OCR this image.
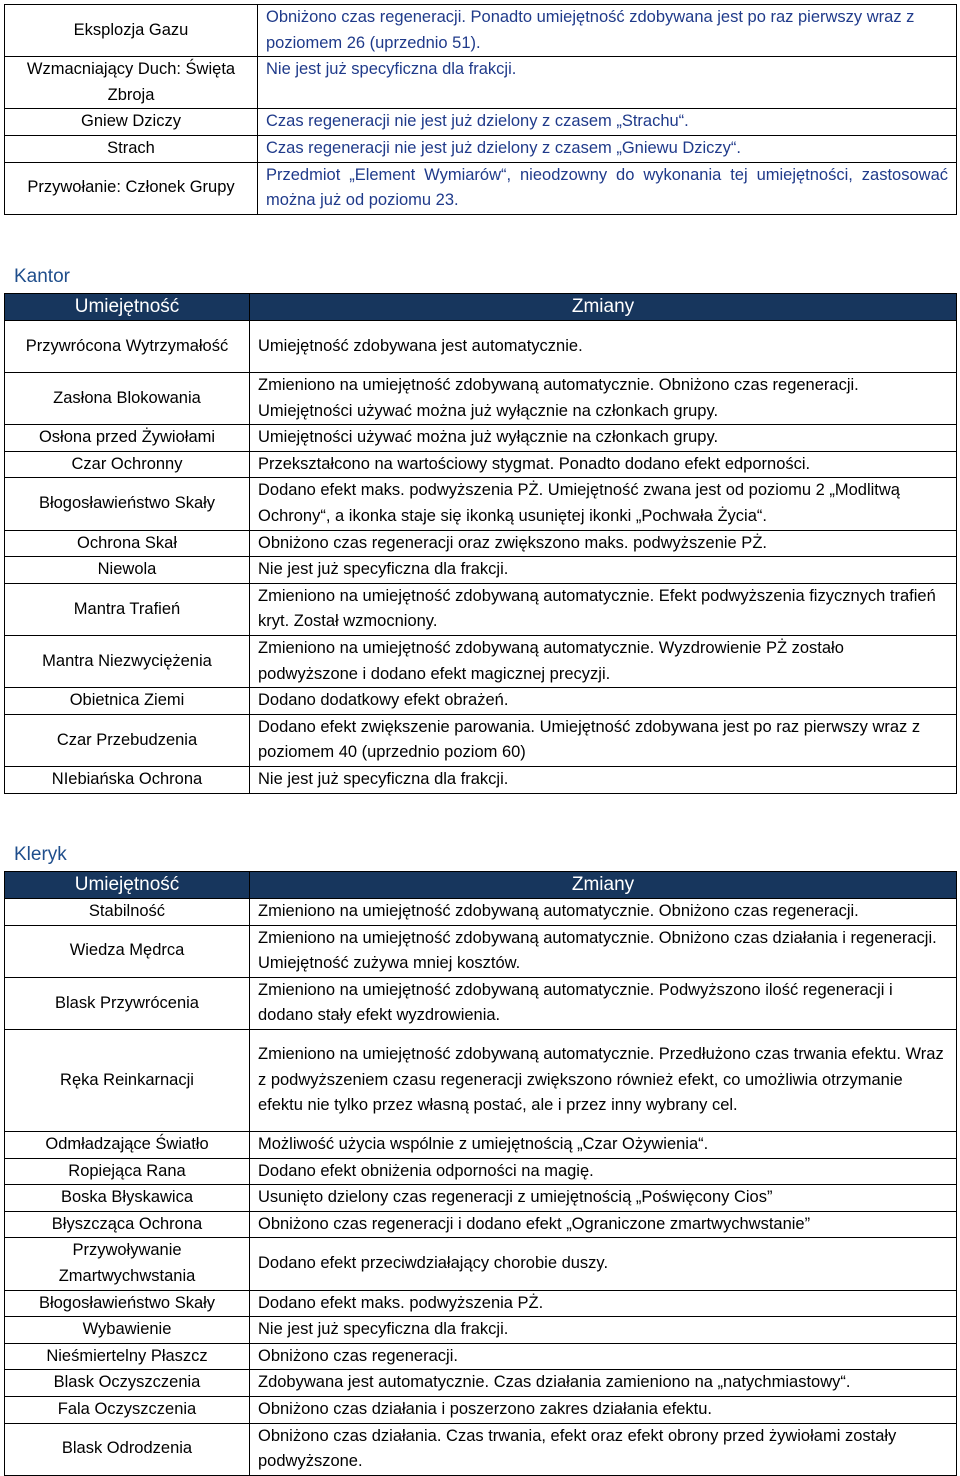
Eksplozja Gazu	Obniżono czas regeneracji. Ponadto umiejętność zdobywana jest po raz pierwszy wraz z poziomem 26 (uprzednio 51).
Wzmacniający Duch: Święta Zbroja	Nie jest już specyficzna dla frakcji.
Gniew Dziczy	Czas regeneracji nie jest już dzielony z czasem „Strachu“.
Strach	Czas regeneracji nie jest już dzielony z czasem „Gniewu Dziczy“.
Przywołanie: Członek Grupy	Przedmiot „Element Wymiarów“, nieodzowny do wykonania tej umiejętności, zastosować można już od poziomu 23.
Kantor
Umiejętność	Zmiany
Przywrócona Wytrzymałość	Umiejętność zdobywana jest automatycznie.
Zasłona Blokowania	Zmieniono na umiejętność zdobywaną automatycznie. Obniżono czas regeneracji. Umiejętności używać można już wyłącznie na członkach grupy.
Osłona przed Żywiołami	Umiejętności używać można już wyłącznie na członkach grupy.
Czar Ochronny	Przekształcono na wartościowy stygmat. Ponadto dodano efekt edporności.
Błogosławieństwo Skały	Dodano efekt maks. podwyższenia PŻ. Umiejętność zwana jest od poziomu 2 „Modlitwą Ochrony“, a ikonka staje się ikonką usuniętej ikonki „Pochwała Życia“.
Ochrona Skał	Obniżono czas regeneracji oraz zwiększono maks. podwyższenie PŻ.
Niewola	Nie jest już specyficzna dla frakcji.
Mantra Trafień	Zmieniono na umiejętność zdobywaną automatycznie. Efekt podwyższenia fizycznych trafień kryt. Został wzmocniony.
Mantra Niezwyciężenia	Zmieniono na umiejętność zdobywaną automatycznie. Wyzdrowienie PŻ zostało podwyższone i dodano efekt magicznej precyzji.
Obietnica Ziemi	Dodano dodatkowy efekt obrażeń.
Czar Przebudzenia	Dodano efekt zwiększenie parowania. Umiejętność zdobywana jest po raz pierwszy wraz z poziomem 40 (uprzednio poziom 60)
NIebiańska Ochrona	Nie jest już specyficzna dla frakcji.
Kleryk
Umiejętność	Zmiany
Stabilność	Zmieniono na umiejętność zdobywaną automatycznie. Obniżono czas regeneracji.
Wiedza Mędrca	Zmieniono na umiejętność zdobywaną automatycznie. Obniżono czas działania i regeneracji. Umiejętność zużywa mniej kosztów.
Blask Przywrócenia	Zmieniono na umiejętność zdobywaną automatycznie. Podwyższono ilość regeneracji i dodano stały efekt wyzdrowienia.
Ręka Reinkarnacji	Zmieniono na umiejętność zdobywaną automatycznie. Przedłużono czas trwania efektu. Wraz z podwyższeniem czasu regeneracji zwiększono również efekt, co umożliwia otrzymanie efektu nie tylko przez własną postać, ale i przez inny wybrany cel.
Odmładzające Światło	Możliwość użycia wspólnie z umiejętnością „Czar Ożywienia“.
Ropiejąca Rana	Dodano efekt obniżenia odporności na magię.
Boska Błyskawica	Usunięto dzielony czas regeneracji z umiejętnością „Poświęcony Cios”
Błyszcząca Ochrona	Obniżono czas regeneracji i dodano efekt „Ograniczone zmartwychwstanie”
Przywoływanie Zmartwychwstania	Dodano efekt przeciwdziałający chorobie duszy.
Błogosławieństwo Skały	Dodano efekt maks. podwyższenia PŻ.
Wybawienie	Nie jest już specyficzna dla frakcji.
Nieśmiertelny Płaszcz	Obniżono czas regeneracji.
Blask Oczyszczenia	Zdobywana jest automatycznie. Czas działania zamieniono na „natychmiastowy“.
Fala Oczyszczenia	Obniżono czas działania i poszerzono zakres działania efektu.
Blask Odrodzenia	Obniżono czas działania. Czas trwania, efekt oraz efekt obrony przed żywiołami zostały podwyższone.
